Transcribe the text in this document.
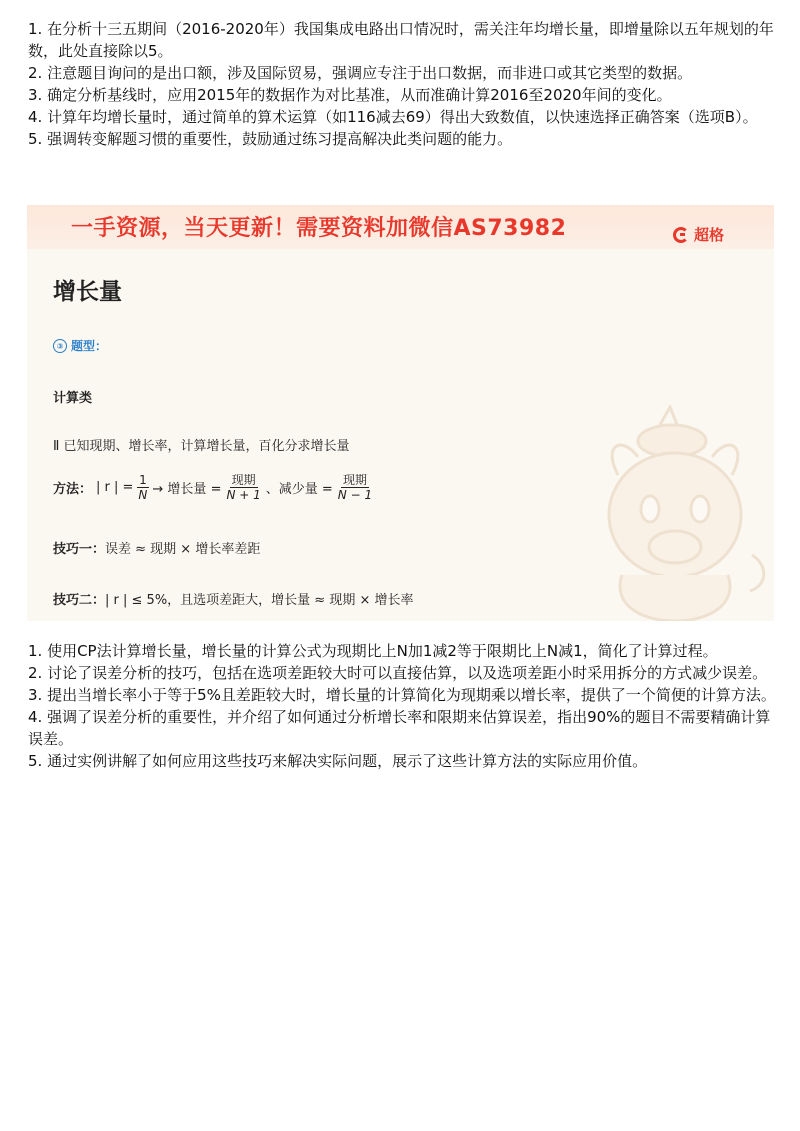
1. 在分析十三五期间（2016-2020年）我国集成电路出口情况时，需关注年均增长量，即增量除以五年规划的年数，此处直接除以5。
2. 注意题目询问的是出口额，涉及国际贸易，强调应专注于出口数据，而非进口或其它类型的数据。
3. 确定分析基线时，应用2015年的数据作为对比基准，从而准确计算2016至2020年间的变化。
4. 计算年均增长量时，通过简单的算术运算（如116减去69）得出大致数值，以快速选择正确答案（选项B）。
5. 强调转变解题习惯的重要性，鼓励通过练习提高解决此类问题的能力。
一手资源，当天更新！需要资料加微信AS73982	超格
增长量
③ 题型：
计算类
Ⅱ 已知现期、增长率，计算增长量，百化分求增长量
方法： | r | = $\frac{1}{N}$ → 增长量 = $\frac{\text{现期}}{N + 1}$ 、减少量 = $\frac{\text{现期}}{N - 1}$
技巧一：误差 ≈ 现期 × 增长率差距
技巧二：| r | ≤ 5%，且选项差距大，增长量 ≈ 现期 × 增长率
1. 使用CP法计算增长量，增长量的计算公式为现期比上N加1减2等于限期比上N减1，简化了计算过程。
2. 讨论了误差分析的技巧，包括在选项差距较大时可以直接估算，以及选项差距小时采用拆分的方式减少误差。
3. 提出当增长率小于等于5%且差距较大时，增长量的计算简化为现期乘以增长率，提供了一个简便的计算方法。
4. 强调了误差分析的重要性，并介绍了如何通过分析增长率和限期来估算误差，指出90%的题目不需要精确计算误差。
5. 通过实例讲解了如何应用这些技巧来解决实际问题，展示了这些计算方法的实际应用价值。
